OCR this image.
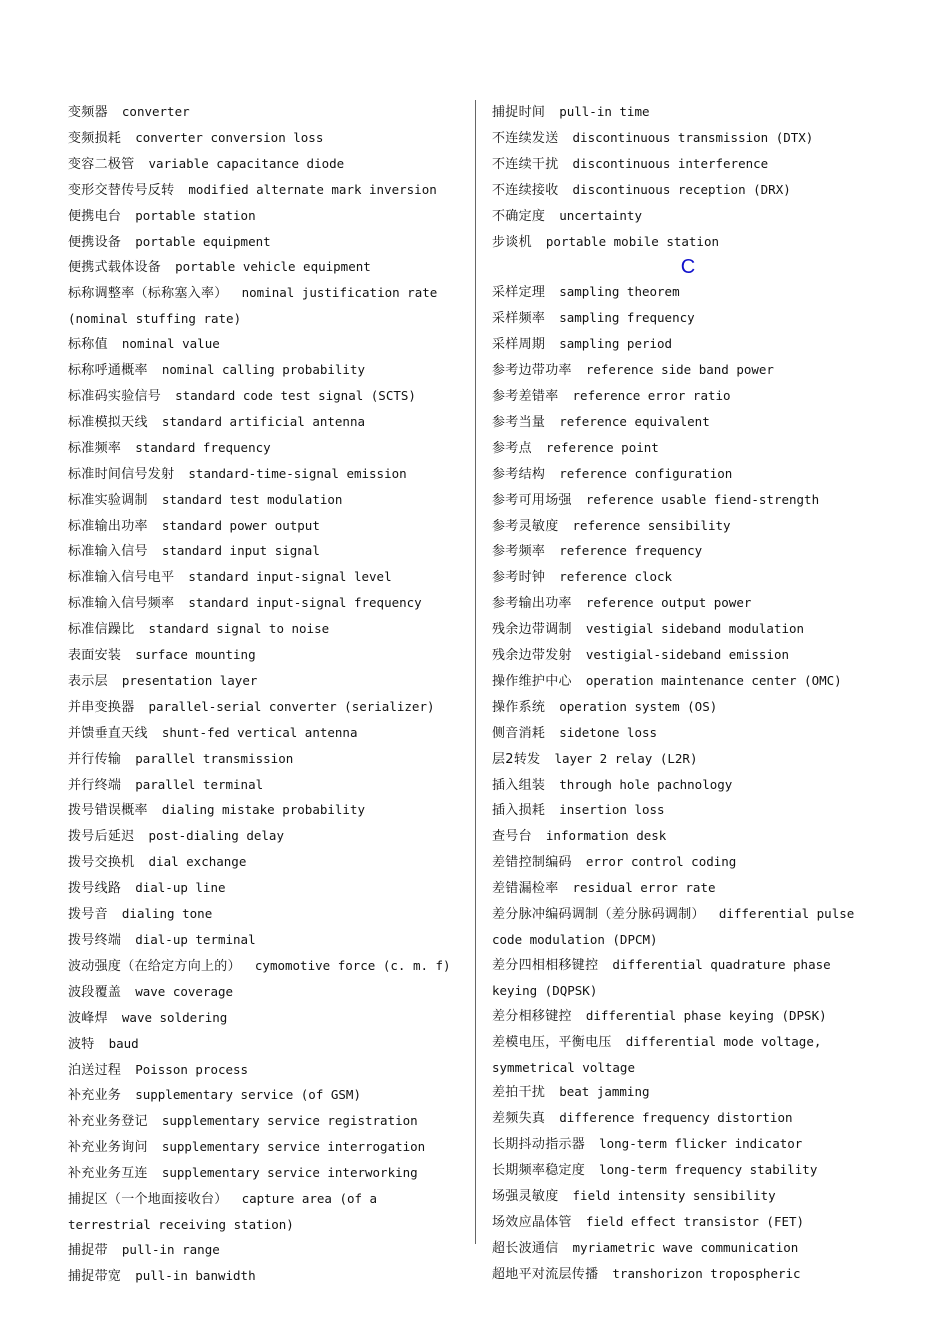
变频器 converter
变频损耗 converter conversion loss
变容二极管 variable capacitance diode
变形交替传号反转 modified alternate mark inversion
便携电台 portable station
便携设备 portable equipment
便携式载体设备 portable vehicle equipment
标称调整率（标称塞入率） nominal justification rate
(nominal stuffing rate)
标称值 nominal value
标称呼通概率 nominal calling probability
标准码实验信号 standard code test signal (SCTS)
标准模拟天线 standard artificial antenna
标准频率 standard frequency
标准时间信号发射 standard-time-signal emission
标准实验调制 standard test modulation
标准输出功率 standard power output
标准输入信号 standard input signal
标准输入信号电平 standard input-signal level
标准输入信号频率 standard input-signal frequency
标准信躁比 standard signal to noise
表面安装 surface mounting
表示层 presentation layer
并串变换器 parallel-serial converter (serializer)
并馈垂直天线 shunt-fed vertical antenna
并行传输 parallel transmission
并行终端 parallel terminal
拨号错误概率 dialing mistake probability
拨号后延迟 post-dialing delay
拨号交换机 dial exchange
拨号线路 dial-up line
拨号音 dialing tone
拨号终端 dial-up terminal
波动强度（在给定方向上的） cymomotive force (c. m. f)
波段覆盖 wave coverage
波峰焊 wave soldering
波特 baud
泊送过程 Poisson process
补充业务 supplementary service (of GSM)
补充业务登记 supplementary service registration
补充业务询问 supplementary service interrogation
补充业务互连 supplementary service interworking
捕捉区（一个地面接收台） capture area (of a
terrestrial receiving station)
捕捉带 pull-in range
捕捉带宽 pull-in banwidth
捕捉时间 pull-in time
不连续发送 discontinuous transmission (DTX)
不连续干扰 discontinuous interference
不连续接收 discontinuous reception (DRX)
不确定度 uncertainty
步谈机 portable mobile station
C
采样定理 sampling theorem
采样频率 sampling frequency
采样周期 sampling period
参考边带功率 reference side band power
参考差错率 reference error ratio
参考当量 reference equivalent
参考点 reference point
参考结构 reference configuration
参考可用场强 reference usable fiend-strength
参考灵敏度 reference sensibility
参考频率 reference frequency
参考时钟 reference clock
参考输出功率 reference output power
残余边带调制 vestigial sideband modulation
残余边带发射 vestigial-sideband emission
操作维护中心 operation maintenance center (OMC)
操作系统 operation system (OS)
侧音消耗 sidetone loss
层2转发 layer 2 relay (L2R)
插入组装 through hole pachnology
插入损耗 insertion loss
查号台 information desk
差错控制编码 error control coding
差错漏检率 residual error rate
差分脉冲编码调制（差分脉码调制） differential pulse
code modulation (DPCM)
差分四相相移键控 differential quadrature phase
keying (DQPSK)
差分相移键控 differential phase keying (DPSK)
差模电压，平衡电压 differential mode voltage,
symmetrical voltage
差拍干扰 beat jamming
差频失真 difference frequency distortion
长期抖动指示器 long-term flicker indicator
长期频率稳定度 long-term frequency stability
场强灵敏度 field intensity sensibility
场效应晶体管 field effect transistor (FET)
超长波通信 myriametric wave communication
超地平对流层传播 transhorizon tropospheric
